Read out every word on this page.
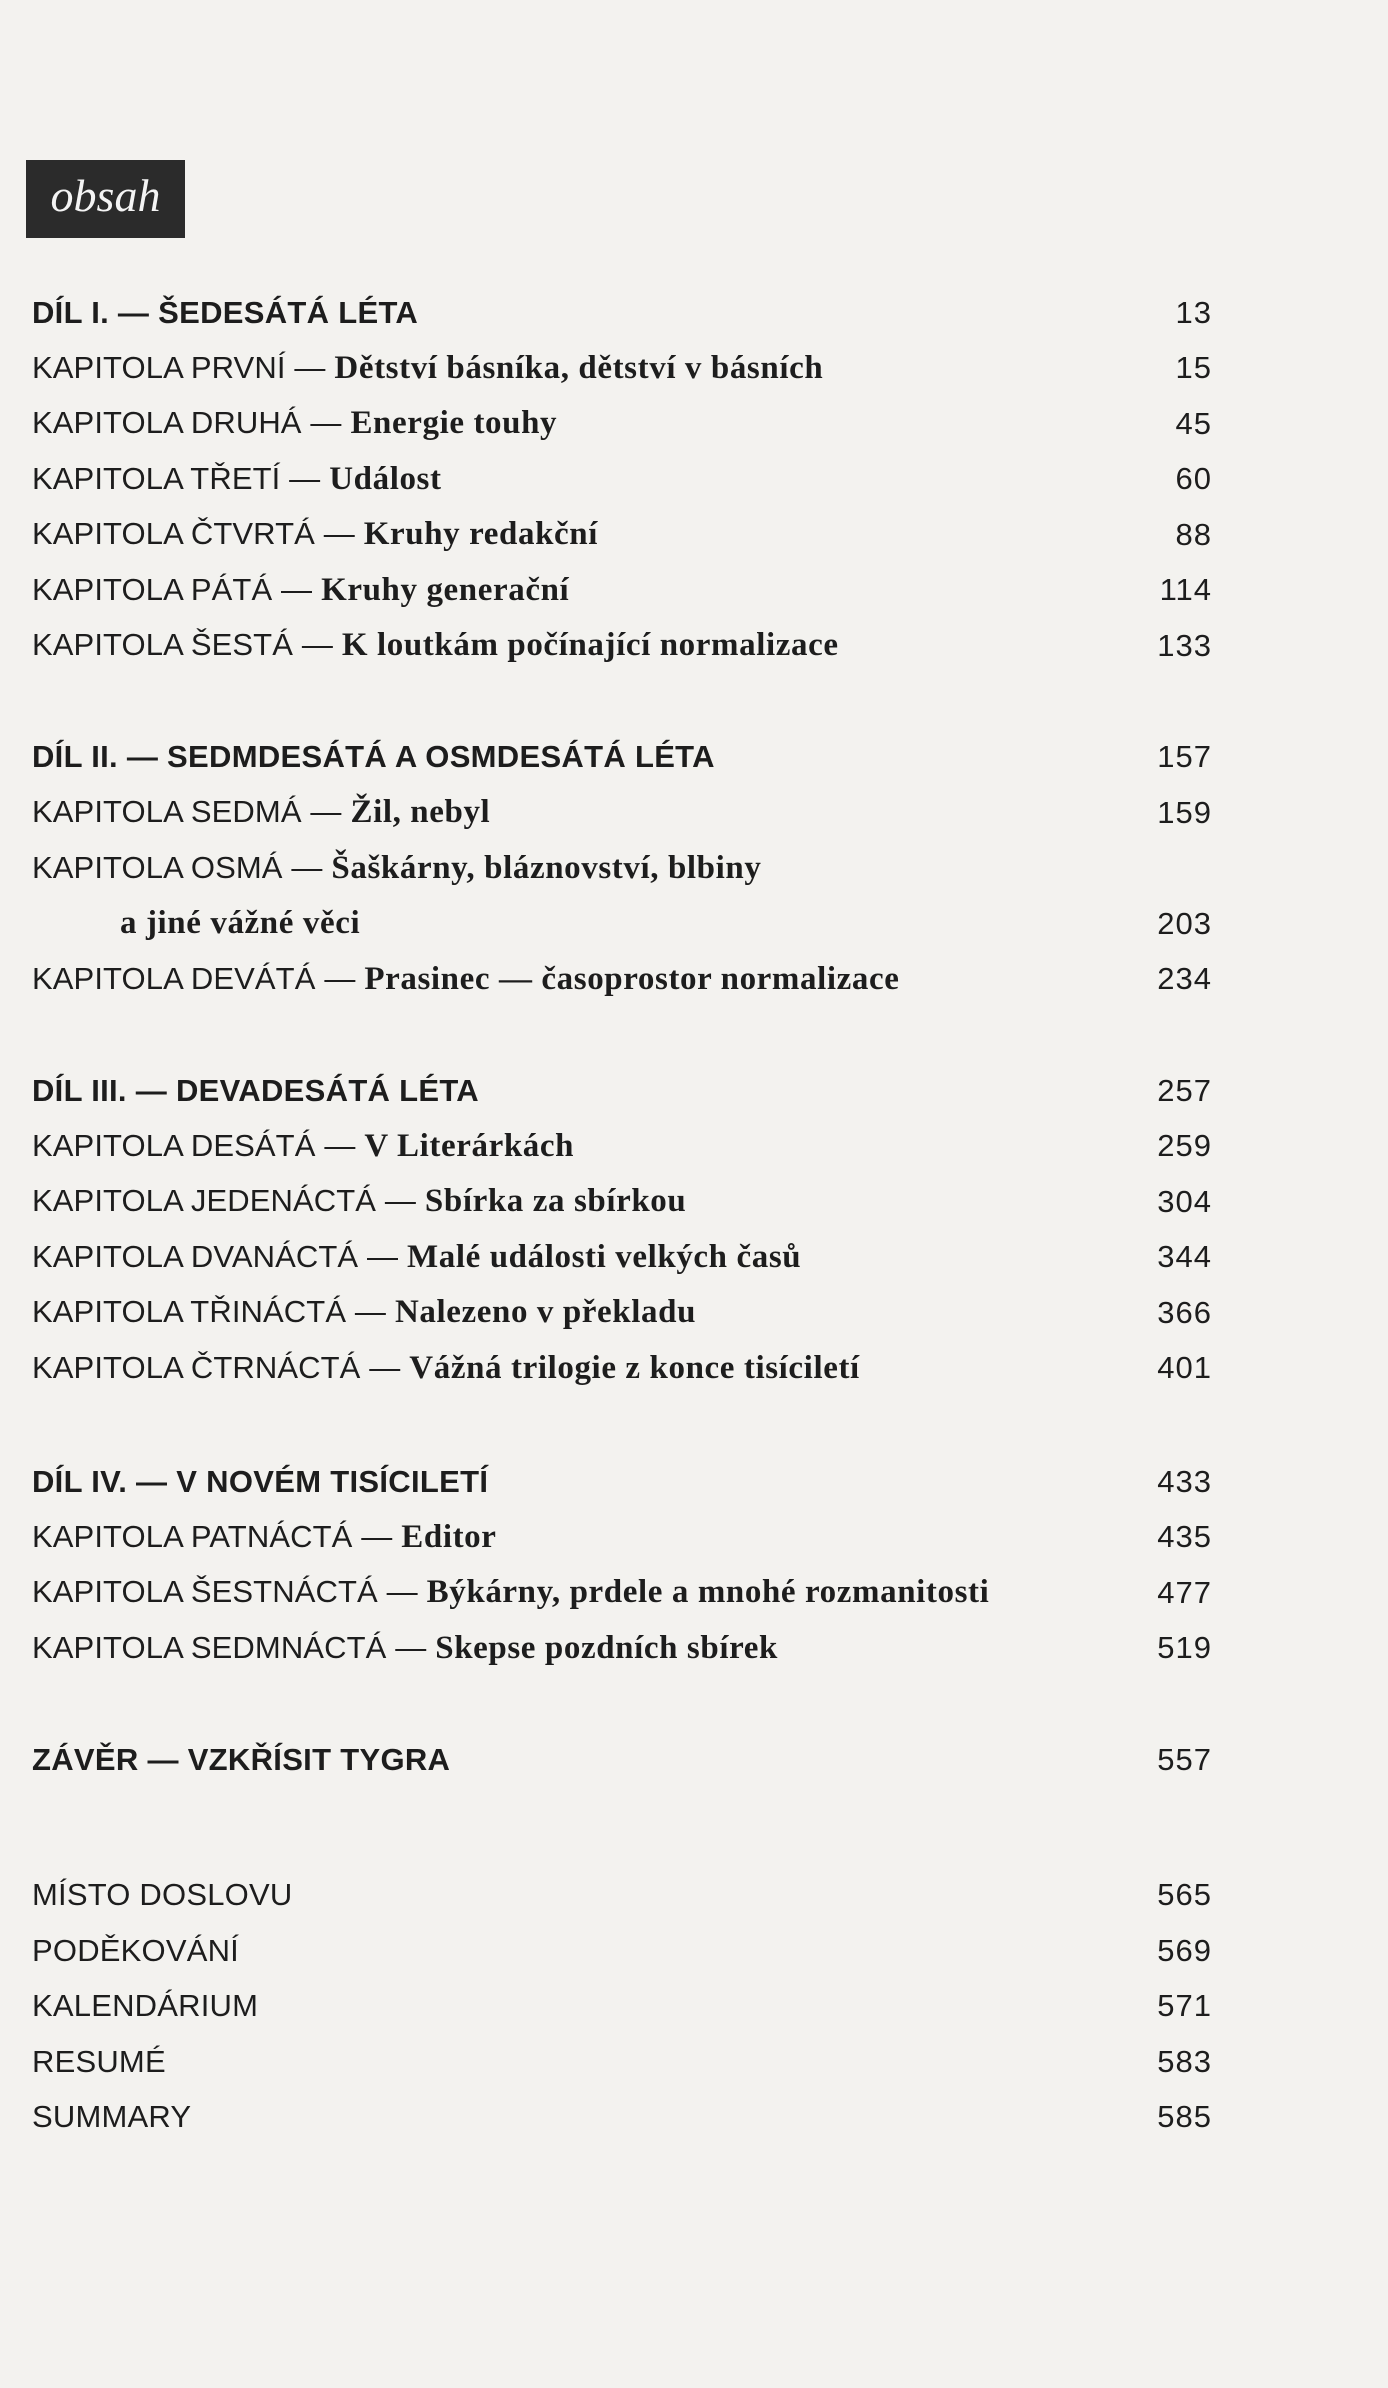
obsah
DÍL I. — ŠEDESÁTÁ LÉTA	13
KAPITOLA PRVNÍ — Dětství básníka, dětství v básních	15
KAPITOLA DRUHÁ — Energie touhy	45
KAPITOLA TŘETÍ — Událost	60
KAPITOLA ČTVRTÁ — Kruhy redakční	88
KAPITOLA PÁTÁ — Kruhy generační	114
KAPITOLA ŠESTÁ — K loutkám počínající normalizace	133
DÍL II. — SEDMDESÁTÁ A OSMDESÁTÁ LÉTA	157
KAPITOLA SEDMÁ — Žil, nebyl	159
KAPITOLA OSMÁ — Šaškárny, bláznovství, blbiny
a jiné vážné věci	203
KAPITOLA DEVÁTÁ — Prasinec — časoprostor normalizace	234
DÍL III. — DEVADESÁTÁ LÉTA	257
KAPITOLA DESÁTÁ — V Literárkách	259
KAPITOLA JEDENÁCTÁ — Sbírka za sbírkou	304
KAPITOLA DVANÁCTÁ — Malé události velkých časů	344
KAPITOLA TŘINÁCTÁ — Nalezeno v překladu	366
KAPITOLA ČTRNÁCTÁ — Vážná trilogie z konce tisíciletí	401
DÍL IV. — V NOVÉM TISÍCILETÍ	433
KAPITOLA PATNÁCTÁ — Editor	435
KAPITOLA ŠESTNÁCTÁ — Býkárny, prdele a mnohé rozmanitosti	477
KAPITOLA SEDMNÁCTÁ — Skepse pozdních sbírek	519
ZÁVĚR — VZKŘÍSIT TYGRA	557
MÍSTO DOSLOVU	565
PODĚKOVÁNÍ	569
KALENDÁRIUM	571
RESUMÉ	583
SUMMARY	585
